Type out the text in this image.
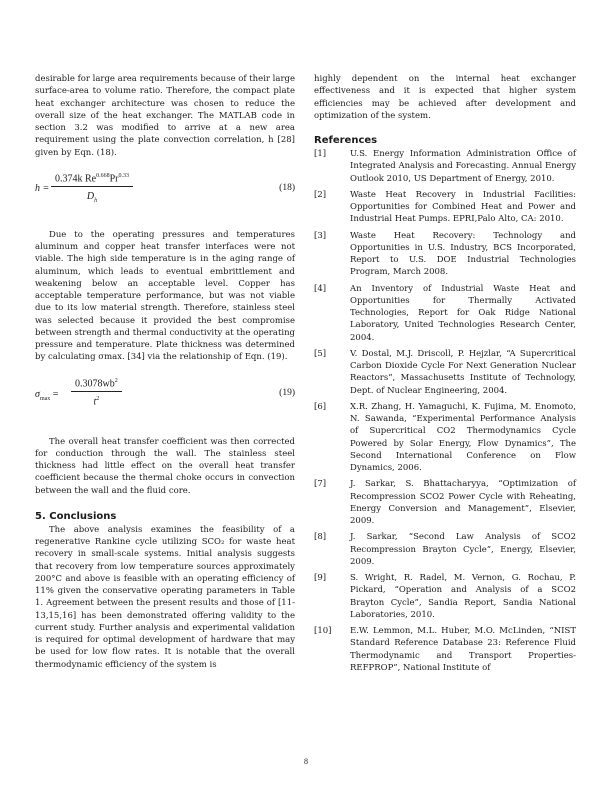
desirable for large area requirements because of their large surface-area to volume ratio. Therefore, the compact plate heat exchanger architecture was chosen to reduce the overall size of the heat exchanger. The MATLAB code in section 3.2 was modified to arrive at a new area requirement using the plate convection correlation, h [28] given by Eqn. (18).

$h = \frac{0.374k Re^{0.668}Pr^{0.33}}{D_h}$	(18)

Due to the operating pressures and temperatures aluminum and copper heat transfer interfaces were not viable. The high side temperature is in the aging range of aluminum, which leads to eventual embrittlement and weakening below an acceptable level. Copper has acceptable temperature performance, but was not viable due to its low material strength. Therefore, stainless steel was selected because it provided the best compromise between strength and thermal conductivity at the operating pressure and temperature. Plate thickness was determined by calculating σmax. [34] via the relationship of Eqn. (19).

$\sigma_{max} = \frac{0.3078wb^2}{t^2}$	(19)

The overall heat transfer coefficient was then corrected for conduction through the wall. The stainless steel thickness had little effect on the overall heat transfer coefficient because the thermal choke occurs in convection between the wall and the fluid core.

5. Conclusions

The above analysis examines the feasibility of a regenerative Rankine cycle utilizing SCO₂ for waste heat recovery in small-scale systems. Initial analysis suggests that recovery from low temperature sources approximately 200°C and above is feasible with an operating efficiency of 11% given the conservative operating parameters in Table 1. Agreement between the present results and those of [11-13,15,16] has been demonstrated offering validity to the current study. Further analysis and experimental validation is required for optimal development of hardware that may be used for low flow rates. It is notable that the overall thermodynamic efficiency of the system is

highly dependent on the internal heat exchanger effectiveness and it is expected that higher system efficiencies may be achieved after development and optimization of the system.

References

[1]	U.S. Energy Information Administration Office of Integrated Analysis and Forecasting. Annual Energy Outlook 2010, US Department of Energy, 2010.
[2]	Waste Heat Recovery in Industrial Facilities: Opportunities for Combined Heat and Power and Industrial Heat Pumps. EPRI,Palo Alto, CA: 2010.
[3]	Waste Heat Recovery: Technology and Opportunities in U.S. Industry, BCS Incorporated, Report to U.S. DOE Industrial Technologies Program, March 2008.
[4]	An Inventory of Industrial Waste Heat and Opportunities for Thermally Activated Technologies, Report for Oak Ridge National Laboratory, United Technologies Research Center, 2004.
[5]	V. Dostal, M.J. Driscoll, P. Hejzlar, “A Supercritical Carbon Dioxide Cycle For Next Generation Nuclear Reactors”, Massachusetts Institute of Technology, Dept. of Nuclear Engineering, 2004.
[6]	X.R. Zhang, H. Yamaguchi, K. Fujima, M. Enomoto, N. Sawanda, “Experimental Performance Analysis of Supercritical CO2 Thermodynamics Cycle Powered by Solar Energy, Flow Dynamics”, The Second International Conference on Flow Dynamics, 2006.
[7]	J. Sarkar, S. Bhattacharyya, “Optimization of Recompression SCO2 Power Cycle with Reheating, Energy Conversion and Management”, Elsevier, 2009.
[8]	J. Sarkar, “Second Law Analysis of SCO2 Recompression Brayton Cycle”, Energy, Elsevier, 2009.
[9]	S. Wright, R. Radel, M. Vernon, G. Rochau, P. Pickard, “Operation and Analysis of a SCO2 Brayton Cycle”, Sandia Report, Sandia National Laboratories, 2010.
[10] E.W. Lemmon, M.L. Huber, M.O. McLinden, “NIST Standard Reference Database 23: Reference Fluid Thermodynamic and Transport Properties-REFPROP”, National Institute of
8
